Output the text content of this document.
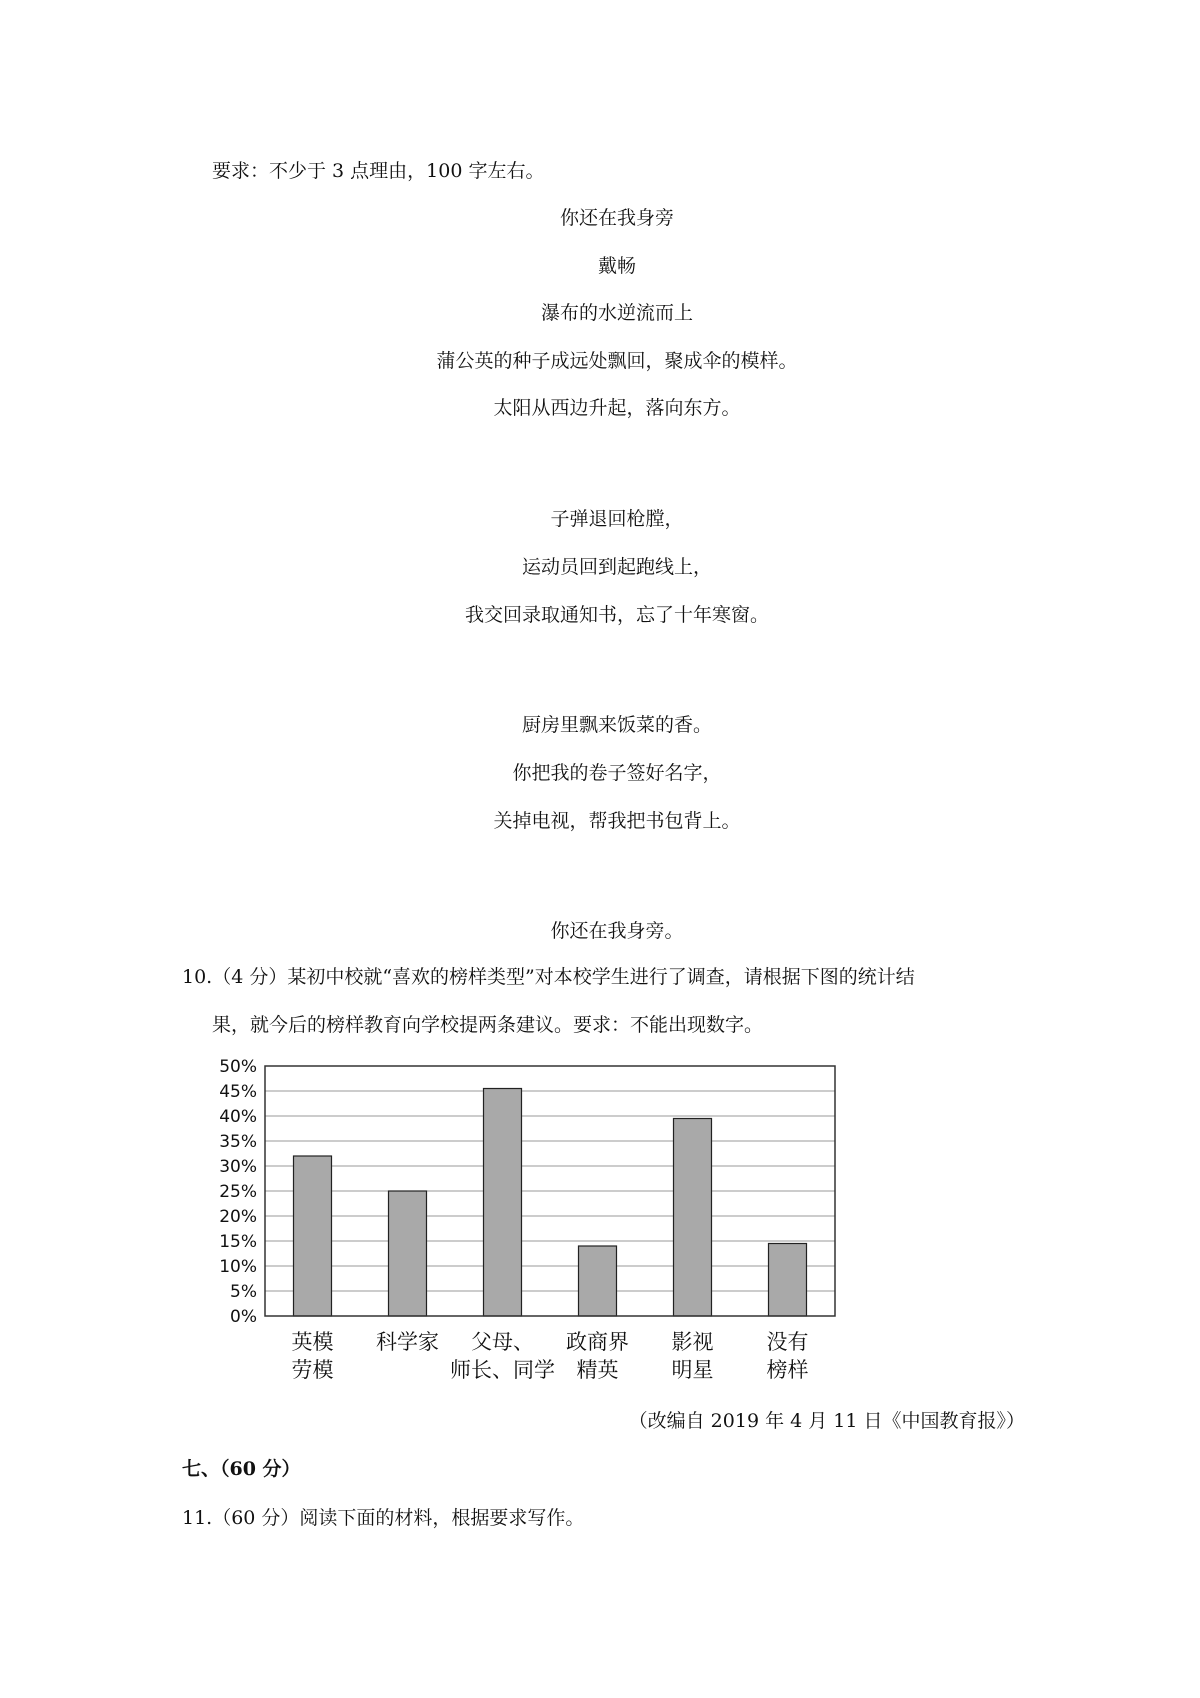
要求：不少于 3 点理由，100 字左右。
你还在我身旁
戴畅
瀑布的水逆流而上
蒲公英的种子成远处飘回，聚成伞的模样。
太阳从西边升起，落向东方。
子弹退回枪膛，
运动员回到起跑线上，
我交回录取通知书，忘了十年寒窗。
厨房里飘来饭菜的香。
你把我的卷子签好名字，
关掉电视，帮我把书包背上。
你还在我身旁。
10.（4 分）某初中校就“喜欢的榜样类型”对本校学生进行了调查，请根据下图的统计结
果，就今后的榜样教育向学校提两条建议。要求：不能出现数字。
0%
5%
10%
15%
20%
25%
30%
35%
40%
45%
50%
英模
劳模
科学家 父母、
师长、同学
政商界
精英
影视
明星
没有
榜样
（改编自 2019 年 4 月 11 日《中国教育报》）
七、（60 分）
11.（60 分）阅读下面的材料，根据要求写作。
